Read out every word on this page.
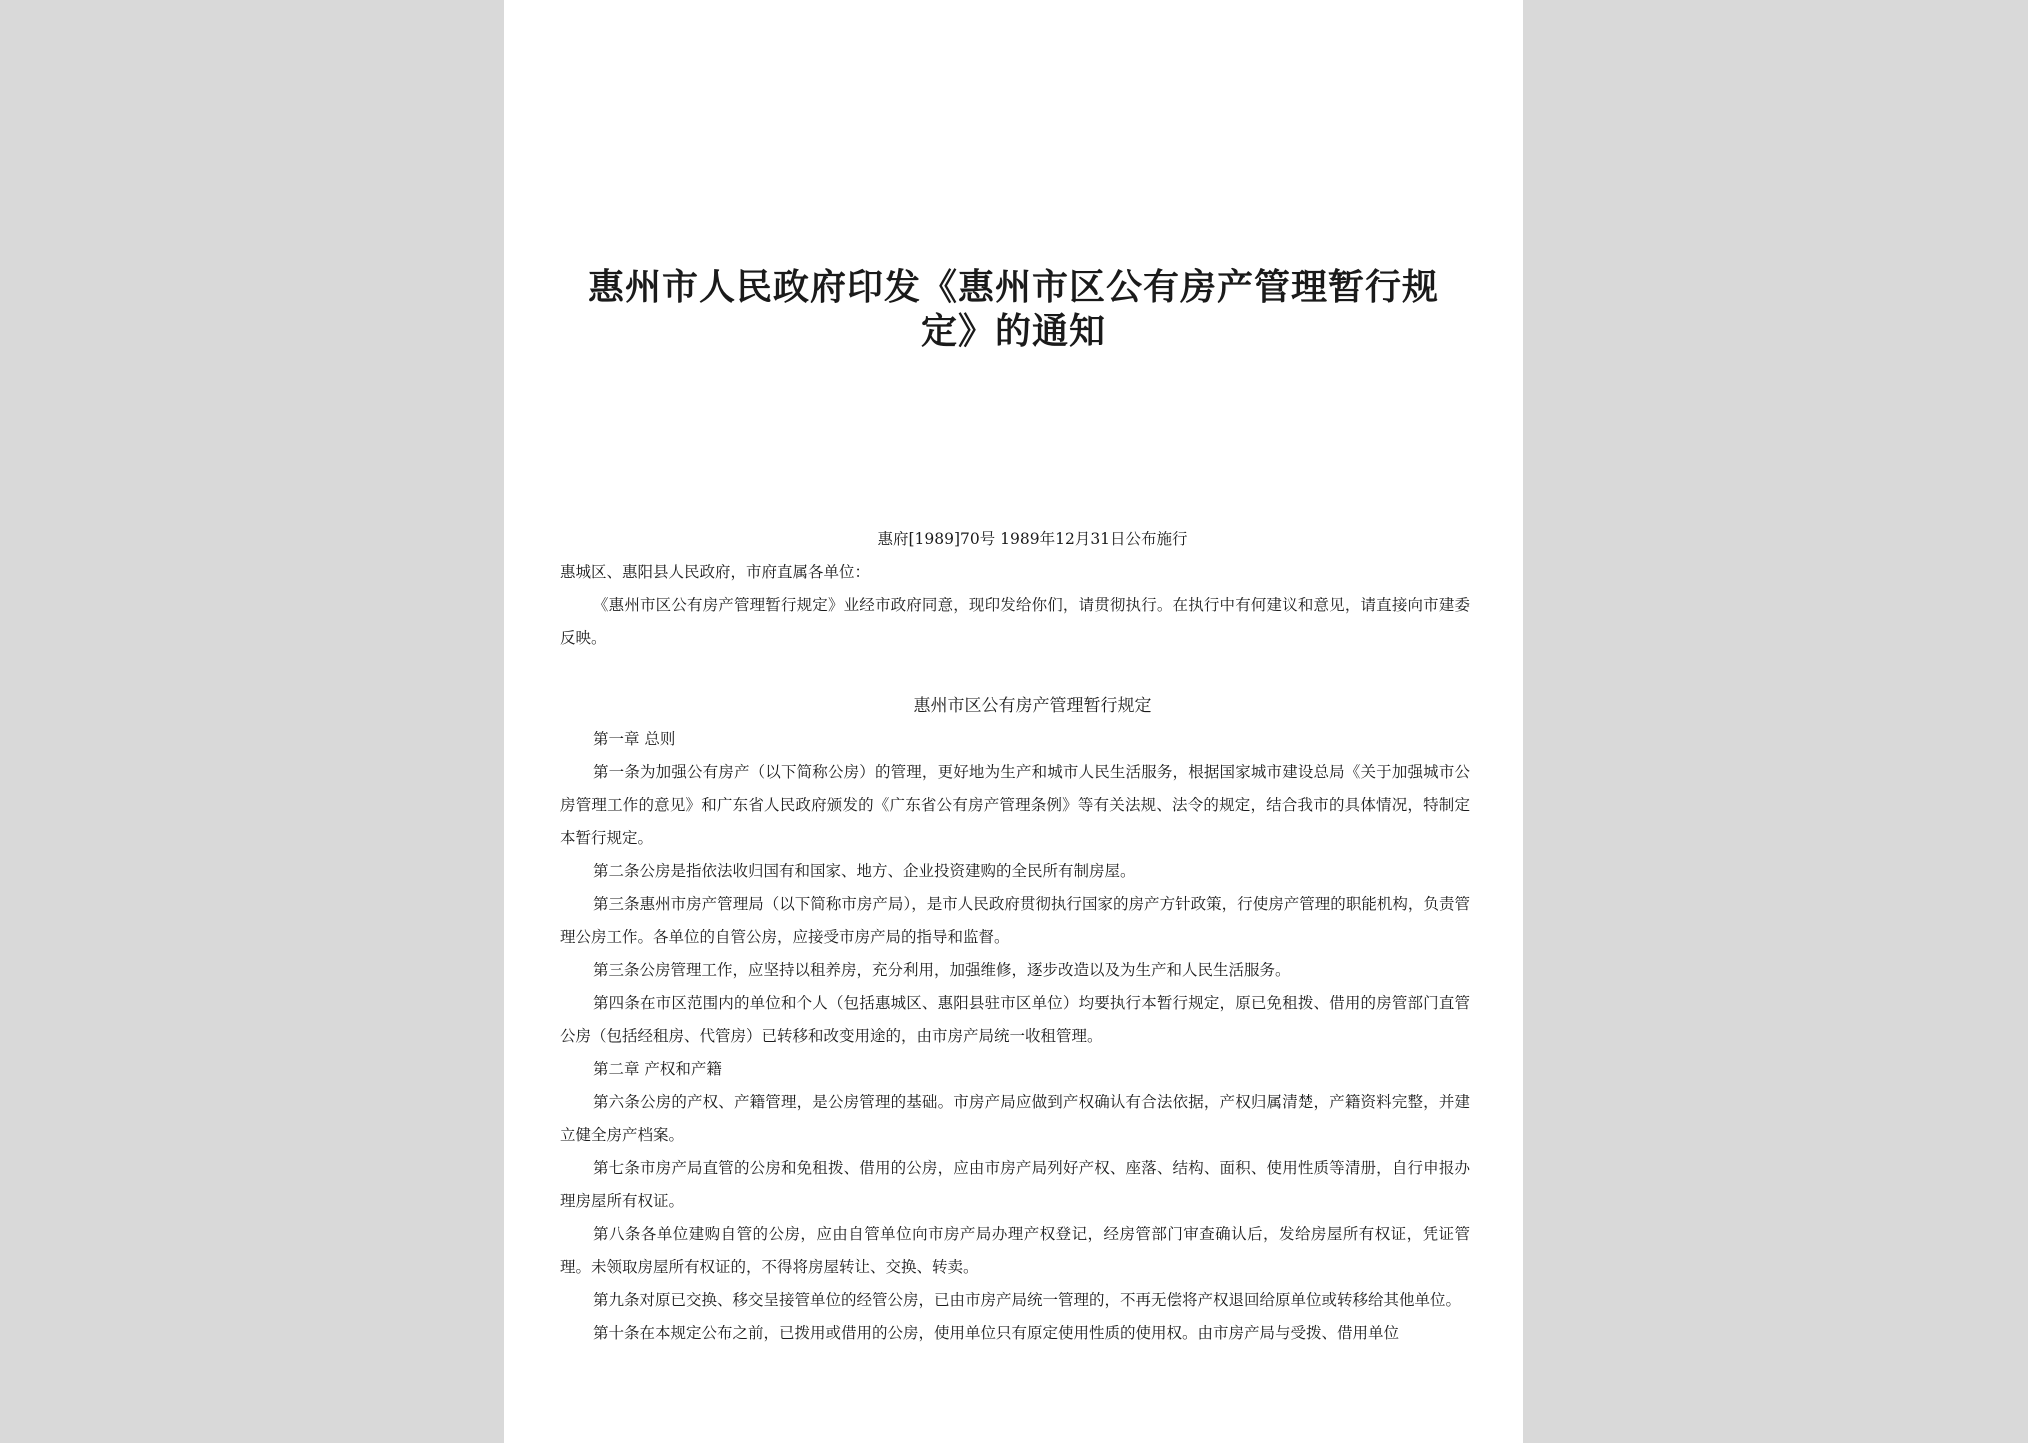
惠州市人民政府印发《惠州市区公有房产管理暂行规
定》的通知
惠府[1989]70号 1989年12月31日公布施行
惠城区、惠阳县人民政府，市府直属各单位：
《惠州市区公有房产管理暂行规定》业经市政府同意，现印发给你们，请贯彻执行。在执行中有何建议和意见，请直接向市建委反映。
惠州市区公有房产管理暂行规定

第一章 总则

第一条为加强公有房产（以下简称公房）的管理，更好地为生产和城市人民生活服务，根据国家城市建设总局《关于加强城市公房管理工作的意见》和广东省人民政府颁发的《广东省公有房产管理条例》等有关法规、法令的规定，结合我市的具体情况，特制定本暂行规定。

第二条公房是指依法收归国有和国家、地方、企业投资建购的全民所有制房屋。

第三条惠州市房产管理局（以下简称市房产局），是市人民政府贯彻执行国家的房产方针政策，行使房产管理的职能机构，负责管理公房工作。各单位的自管公房，应接受市房产局的指导和监督。

第三条公房管理工作，应坚持以租养房，充分利用，加强维修，逐步改造以及为生产和人民生活服务。

第四条在市区范围内的单位和个人（包括惠城区、惠阳县驻市区单位）均要执行本暂行规定，原已免租拨、借用的房管部门直管公房（包括经租房、代管房）已转移和改变用途的，由市房产局统一收租管理。

第二章 产权和产籍

第六条公房的产权、产籍管理，是公房管理的基础。市房产局应做到产权确认有合法依据，产权归属清楚，产籍资料完整，并建立健全房产档案。

第七条市房产局直管的公房和免租拨、借用的公房，应由市房产局列好产权、座落、结构、面积、使用性质等清册，自行申报办理房屋所有权证。

第八条各单位建购自管的公房，应由自管单位向市房产局办理产权登记，经房管部门审查确认后，发给房屋所有权证，凭证管理。未领取房屋所有权证的，不得将房屋转让、交换、转卖。

第九条对原已交换、移交呈接管单位的经管公房，已由市房产局统一管理的，不再无偿将产权退回给原单位或转移给其他单位。

第十条在本规定公布之前，已拨用或借用的公房，使用单位只有原定使用性质的使用权。由市房产局与受拨、借用单位
